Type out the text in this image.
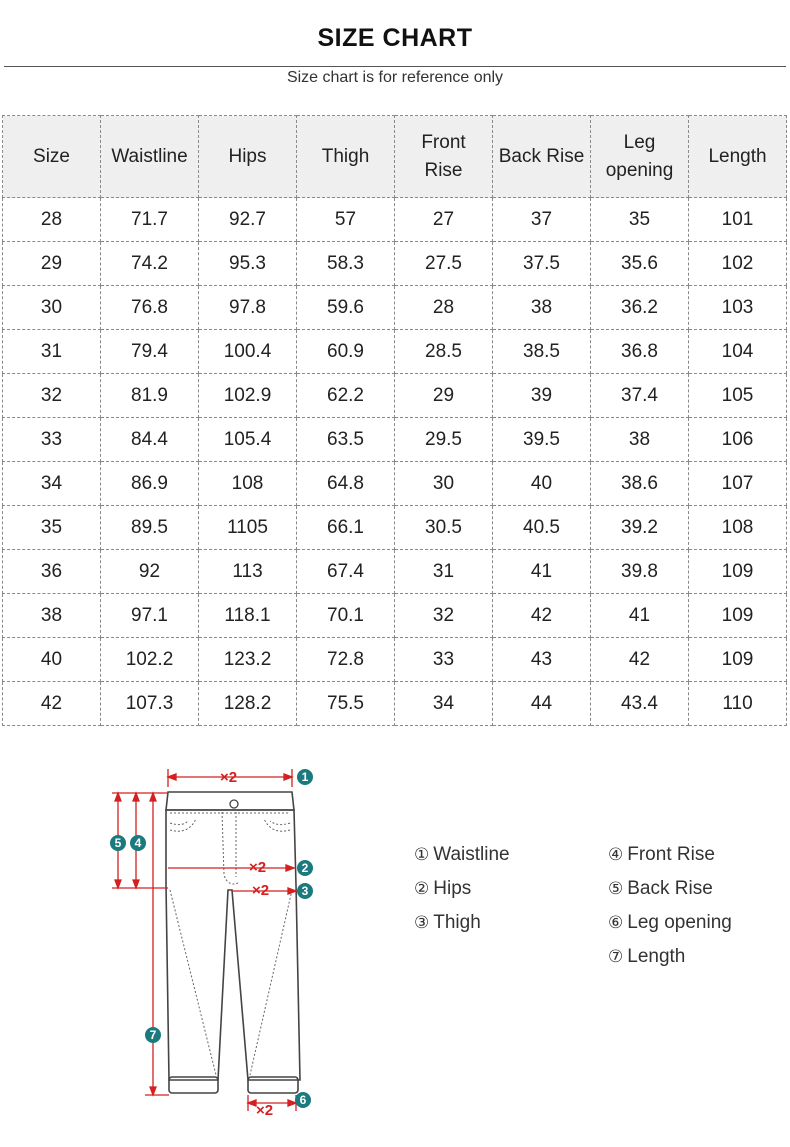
SIZE CHART
Size chart is for reference only
Size	Waistline	Hips	Thigh	Front Rise	Back Rise	Leg opening	Length
28	71.7	92.7	57	27	37	35	101
29	74.2	95.3	58.3	27.5	37.5	35.6	102
30	76.8	97.8	59.6	28	38	36.2	103
31	79.4	100.4	60.9	28.5	38.5	36.8	104
32	81.9	102.9	62.2	29	39	37.4	105
33	84.4	105.4	63.5	29.5	39.5	38	106
34	86.9	108	64.8	30	40	38.6	107
35	89.5	1105	66.1	30.5	40.5	39.2	108
36	92	113	67.4	31	41	39.8	109
38	97.1	118.1	70.1	32	42	41	109
40	102.2	123.2	72.8	33	43	42	109
42	107.3	128.2	75.5	34	44	43.4	110
×2
×2
×2
×2
1
2
3
4
5
6
7
① Waistline
② Hips
③ Thigh
④ Front Rise
⑤ Back Rise
⑥ Leg opening
⑦ Length
